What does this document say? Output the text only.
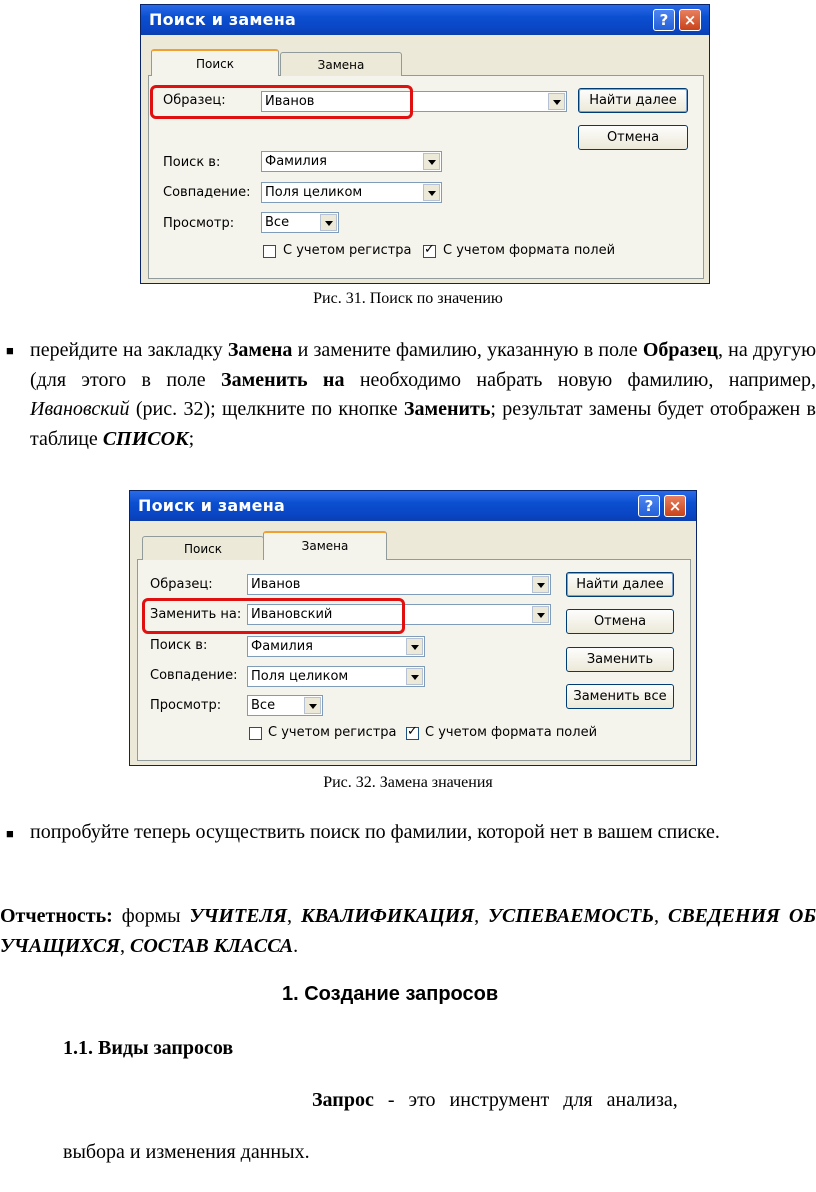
Поиск и замена	?	×
Поиск	Замена
Образец:	Иванов	Найти далее
Отмена
Поиск в:	Фамилия
Совпадение:	Поля целиком
Просмотр:	Все
С учетом регистра ✓ С учетом формата полей
Рис. 31. Поиск по значению
■ перейдите на закладку Замена и замените фамилию, указанную в поле Образец, на другую (для этого в поле Заменить на необходимо набрать новую фамилию, например, Ивановский (рис. 32); щелкните по кнопке Заменить; результат замены будет отображен в таблице СПИСОК;
Поиск и замена	?	×
Поиск	Замена
Образец:	Иванов
Заменить на: Ивановский
Найти далее
Отмена
Заменить
Заменить все
Поиск в:	Фамилия
Совпадение:	Поля целиком
Просмотр:	Все
С учетом регистра ✓ С учетом формата полей
Рис. 32. Замена значения
■ попробуйте теперь осуществить поиск по фамилии, которой нет в вашем списке.
Отчетность: формы УЧИТЕЛЯ, КВАЛИФИКАЦИЯ, УСПЕВАЕМОСТЬ, СВЕДЕНИЯ ОБ УЧАЩИХСЯ, СОСТАВ КЛАССА.
1. Создание запросов
1.1. Виды запросов
Запрос - это инструмент для анализа,
выбора и изменения данных.
